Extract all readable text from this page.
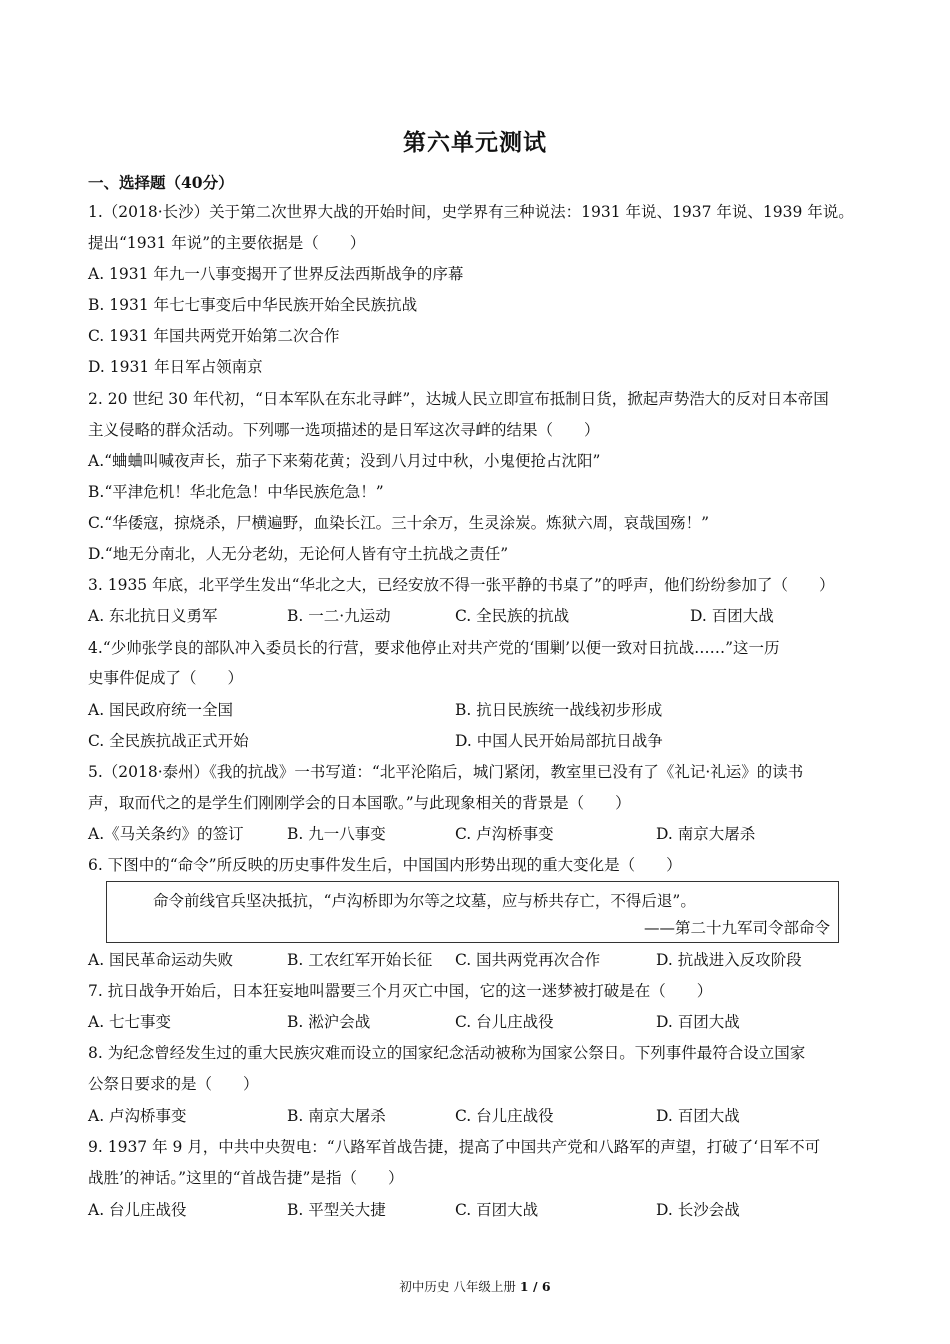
第六单元测试
一、选择题（40分）
1.（2018·长沙）关于第二次世界大战的开始时间，史学界有三种说法：1931 年说、1937 年说、1939 年说。
提出“1931 年说”的主要依据是（　　）
A. 1931 年九一八事变揭开了世界反法西斯战争的序幕
B. 1931 年七七事变后中华民族开始全民族抗战
C. 1931 年国共两党开始第二次合作
D. 1931 年日军占领南京
2. 20 世纪 30 年代初，“日本军队在东北寻衅”，达城人民立即宣布抵制日货，掀起声势浩大的反对日本帝国
主义侵略的群众活动。下列哪一选项描述的是日军这次寻衅的结果（　　）
A.“蛐蛐叫喊夜声长，茄子下来菊花黄；没到八月过中秋，小鬼便抢占沈阳”
B.“平津危机！华北危急！中华民族危急！”
C.“华倭寇，掠烧杀，尸横遍野，血染长江。三十余万，生灵涂炭。炼狱六周，哀哉国殇！”
D.“地无分南北，人无分老幼，无论何人皆有守土抗战之责任”
3. 1935 年底，北平学生发出“华北之大，已经安放不得一张平静的书桌了”的呼声，他们纷纷参加了（　　）
A. 东北抗日义勇军	B. 一二·九运动	C. 全民族的抗战	D. 百团大战
4.“少帅张学良的部队冲入委员长的行营，要求他停止对共产党的‘围剿’以便一致对日抗战……”这一历
史事件促成了（　　）
A. 国民政府统一全国	B. 抗日民族统一战线初步形成
C. 全民族抗战正式开始	D. 中国人民开始局部抗日战争
5.（2018·泰州）《我的抗战》一书写道：“北平沦陷后，城门紧闭，教室里已没有了《礼记·礼运》的读书
声，取而代之的是学生们刚刚学会的日本国歌。”与此现象相关的背景是（　　）
A.《马关条约》的签订	B. 九一八事变	C. 卢沟桥事变	D. 南京大屠杀
6. 下图中的“命令”所反映的历史事件发生后，中国国内形势出现的重大变化是（　　）
命令前线官兵坚决抵抗，“卢沟桥即为尔等之坟墓，应与桥共存亡，不得后退”。
——第二十九军司令部命令
A. 国民革命运动失败	B. 工农红军开始长征 C. 国共两党再次合作	D. 抗战进入反攻阶段
7. 抗日战争开始后，日本狂妄地叫嚣要三个月灭亡中国，它的这一迷梦被打破是在（　　）
A. 七七事变	B. 淞沪会战	C. 台儿庄战役	D. 百团大战
8. 为纪念曾经发生过的重大民族灾难而设立的国家纪念活动被称为国家公祭日。下列事件最符合设立国家
公祭日要求的是（　　）
A. 卢沟桥事变	B. 南京大屠杀	C. 台儿庄战役	D. 百团大战
9. 1937 年 9 月，中共中央贺电：“八路军首战告捷，提高了中国共产党和八路军的声望，打破了‘日军不可
战胜’的神话。”这里的“首战告捷”是指（　　）
A. 台儿庄战役	B. 平型关大捷	C. 百团大战	D. 长沙会战
初中历史 八年级上册 1 / 6
